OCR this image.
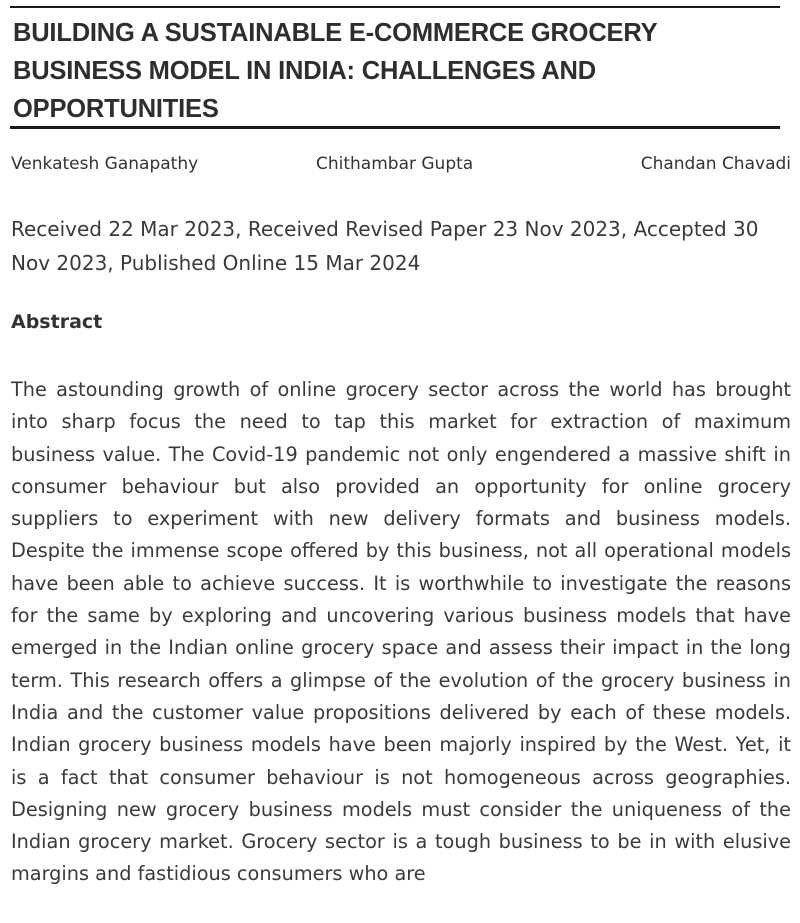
BUILDING A SUSTAINABLE E-COMMERCE GROCERY BUSINESS MODEL IN INDIA: CHALLENGES AND OPPORTUNITIES
Venkatesh Ganapathy	Chithambar Gupta	Chandan Chavadi

Received 22 Mar 2023, Received Revised Paper 23 Nov 2023, Accepted 30 Nov 2023, Published Online 15 Mar 2024

Abstract

The astounding growth of online grocery sector across the world has brought into sharp focus the need to tap this market for extraction of maximum business value. The Covid-19 pandemic not only engendered a massive shift in consumer behaviour but also provided an opportunity for online grocery suppliers to experiment with new delivery formats and business models. Despite the immense scope offered by this business, not all operational models have been able to achieve success. It is worthwhile to investigate the reasons for the same by exploring and uncovering various business models that have emerged in the Indian online grocery space and assess their impact in the long term. This research offers a glimpse of the evolution of the grocery business in India and the customer value propositions delivered by each of these models. Indian grocery business models have been majorly inspired by the West. Yet, it is a fact that consumer behaviour is not homogeneous across geographies. Designing new grocery business models must consider the uniqueness of the Indian grocery market. Grocery sector is a tough business to be in with elusive margins and fastidious consumers who are
